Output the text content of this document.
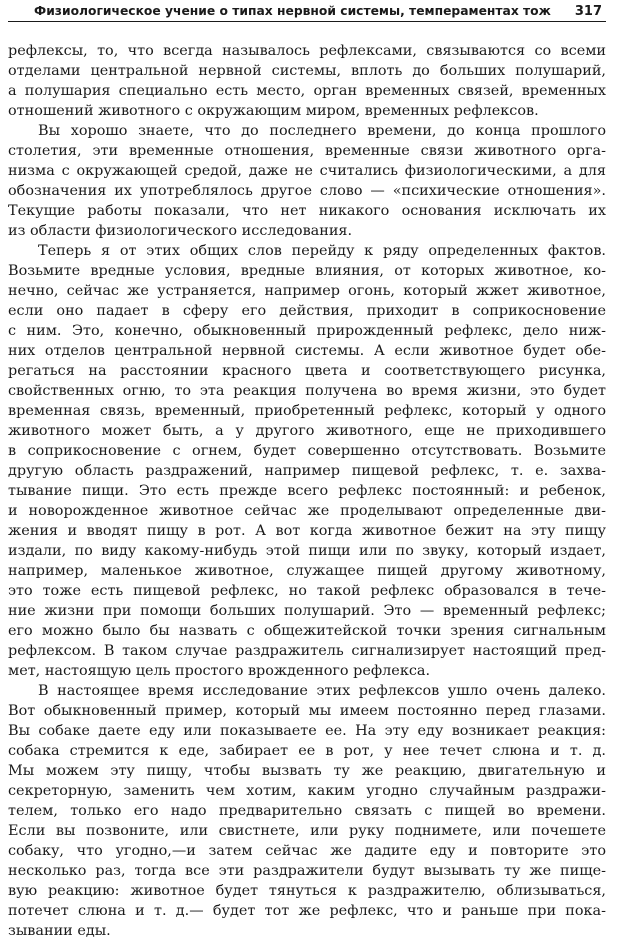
Физиологическое учение о типах нервной системы, темпераментах тож 317

рефлексы, то, что всегда называлось рефлексами, связываются со всеми
отделами центральной нервной системы, вплоть до больших полушарий,
а полушария специально есть место, орган временных связей, временных
отношений животного с окружающим миром, временных рефлексов.

Вы хорошо знаете, что до последнего времени, до конца прошлого
столетия, эти временные отношения, временные связи животного орга-
низма с окружающей средой, даже не считались физиологическими, а для
обозначения их употреблялось другое слово — «психические отношения».
Текущие работы показали, что нет никакого основания исключать их
из области физиологического исследования.

Теперь я от этих общих слов перейду к ряду определенных фактов.
Возьмите вредные условия, вредные влияния, от которых животное, ко-
нечно, сейчас же устраняется, например огонь, который жжет животное,
если оно падает в сферу его действия, приходит в соприкосновение
с ним. Это, конечно, обыкновенный прирожденный рефлекс, дело ниж-
них отделов центральной нервной системы. А если животное будет обе-
регаться на расстоянии красного цвета и соответствующего рисунка,
свойственных огню, то эта реакция получена во время жизни, это будет
временная связь, временный, приобретенный рефлекс, который у одного
животного может быть, а у другого животного, еще не приходившего
в соприкосновение с огнем, будет совершенно отсутствовать. Возьмите
другую область раздражений, например пищевой рефлекс, т. е. захва-
тывание пищи. Это есть прежде всего рефлекс постоянный: и ребенок,
и новорожденное животное сейчас же проделывают определенные дви-
жения и вводят пищу в рот. А вот когда животное бежит на эту пищу
издали, по виду какому-нибудь этой пищи или по звуку, который издает,
например, маленькое животное, служащее пищей другому животному,
это тоже есть пищевой рефлекс, но такой рефлекс образовался в тече-
ние жизни при помощи больших полушарий. Это — временный рефлекс;
его можно было бы назвать с общежитейской точки зрения сигнальным
рефлексом. В таком случае раздражитель сигнализирует настоящий пред-
мет, настоящую цель простого врожденного рефлекса.

В настоящее время исследование этих рефлексов ушло очень далеко.
Вот обыкновенный пример, который мы имеем постоянно перед глазами.
Вы собаке даете еду или показываете ее. На эту еду возникает реакция:
собака стремится к еде, забирает ее в рот, у нее течет слюна и т. д.
Мы можем эту пищу, чтобы вызвать ту же реакцию, двигательную и
секреторную, заменить чем хотим, каким угодно случайным раздражи-
телем, только его надо предварительно связать с пищей во времени.
Если вы позвоните, или свистнете, или руку поднимете, или почешете
собаку, что угодно,—и затем сейчас же дадите еду и повторите это
несколько раз, тогда все эти раздражители будут вызывать ту же пище-
вую реакцию: животное будет тянуться к раздражителю, облизываться,
потечет слюна и т. д.— будет тот же рефлекс, что и раньше при пока-
зывании еды.
